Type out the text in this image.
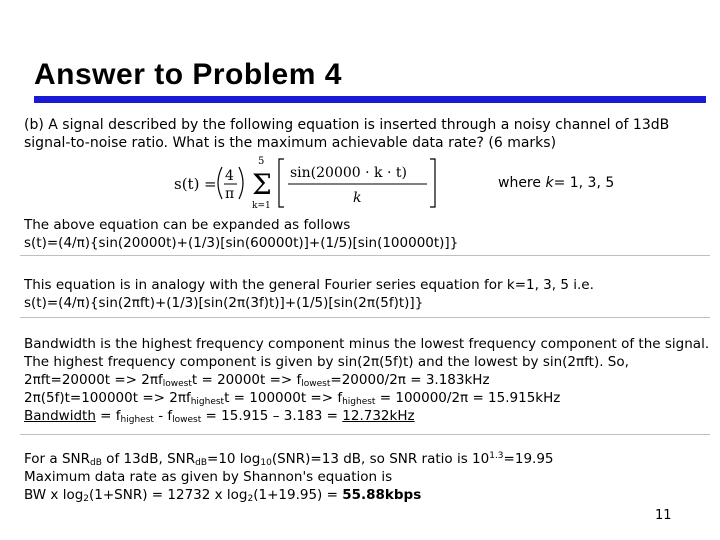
Answer to Problem 4
(b) A signal described by the following equation is inserted through a noisy channel of 13dB signal-to-noise ratio. What is the maximum achievable data rate? (6 marks)
s(t) = 4
π
5
Σ
k=1
sin(20000 · k · t)
k
where k= 1, 3, 5
The above equation can be expanded as follows
s(t)=(4/π){sin(20000t)+(1/3)[sin(60000t)]+(1/5)[sin(100000t)]}
This equation is in analogy with the general Fourier series equation for k=1, 3, 5 i.e.
s(t)=(4/π){sin(2πft)+(1/3)[sin(2π(3f)t)]+(1/5)[sin(2π(5f)t)]}
Bandwidth is the highest frequency component minus the lowest frequency component of the signal.
The highest frequency component is given by sin(2π(5f)t) and the lowest by sin(2πft). So,
$2\pi ft=20000t => 2\pi f_{lowest}t = 20000t => f_{lowest}=20000/2\pi = 3.183kHz$
$2\pi(5f)t=100000t => 2\pi f_{highest}t = 100000t => f_{highest} = 100000/2\pi = 15.915kHz$
Bandwidth = $f_{highest} - f_{lowest} = 15.915 - 3.183 = 12.732kHz$
For a $SNR_{dB}$ of 13dB, $SNR_{dB}=10$ $\log_{10}(SNR)=13$ dB, so SNR ratio is $10^{1.3}=19.95$
Maximum data rate as given by Shannon's equation is
BW x $\log_2(1+SNR) = 12732$ x $\log_2(1+19.95)$ = 55.88kbps
11
